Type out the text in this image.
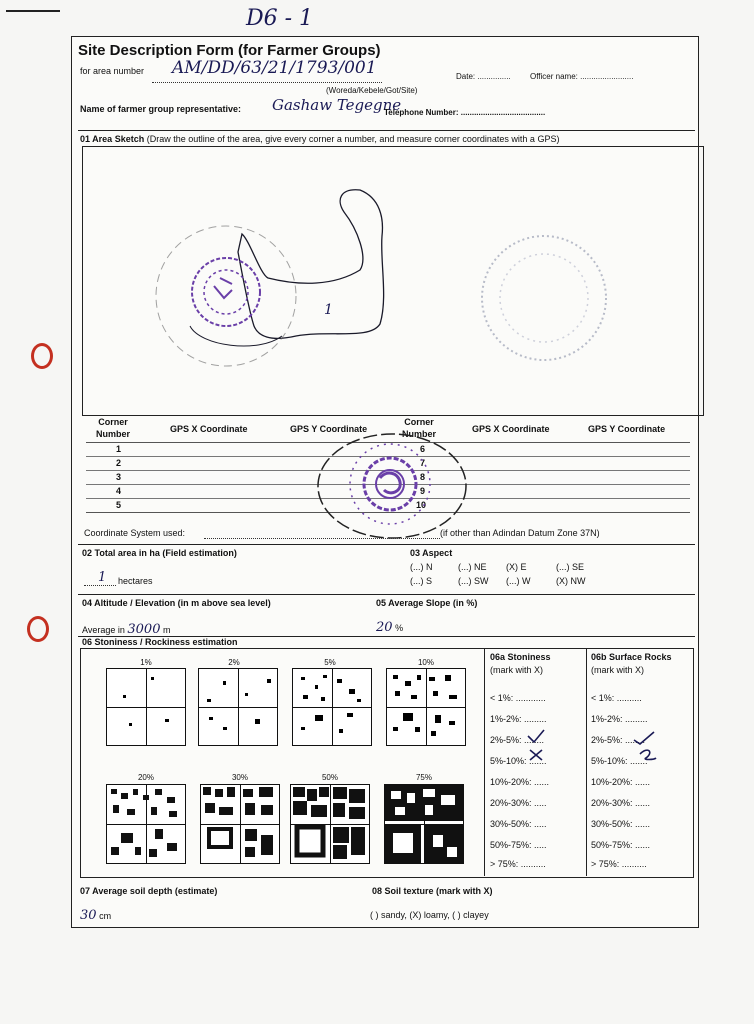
D6 - 1
Site Description Form (for Farmer Groups)
for area number AM/DD/63/21/1793/001
(Woreda/Kebele/Got/Site)
Date: ............... Officer name: ........................
Name of farmer group representative: Gashaw Tegegne
Telephone Number: ......................................
01 Area Sketch (Draw the outline of the area, give every corner a number, and measure corner coordinates with a GPS)
1
Corner
Number	GPS X Coordinate	GPS Y Coordinate
Corner
Number	GPS X Coordinate	GPS Y Coordinate
1
2
3
4
5
6
7
8
9
10
Coordinate System used:	(if other than Adindan Datum Zone 37N)
02 Total area in ha (Field estimation)
1 hectares
03 Aspect
(...) N	(...) NE (X) E	(...) SE
(...) S	(...) SW (...) W	(X) NW
04 Altitude / Elevation (in m above sea level)
Average in 3000 m
05 Average Slope (in %)
20 %
06 Stoniness / Rockiness estimation
1%	2%	5%	10%
20%	30%	50%	75%
06a Stoniness
(mark with X)
< 1%: ............
1%-2%: .........
2%-5%: ........
5%-10%: .......
10%-20%: ......
20%-30%: .....
30%-50%: .....
50%-75%: .....
> 75%: ..........
06b Surface Rocks
(mark with X)
< 1%: ..........
1%-2%: .........
2%-5%: ........
5%-10%: .......
10%-20%: ......
20%-30%: ......
30%-50%: ......
50%-75%: ......
> 75%: ..........
07 Average soil depth (estimate)
30 cm
08 Soil texture (mark with X)
( ) sandy, (X) loamy, ( ) clayey
